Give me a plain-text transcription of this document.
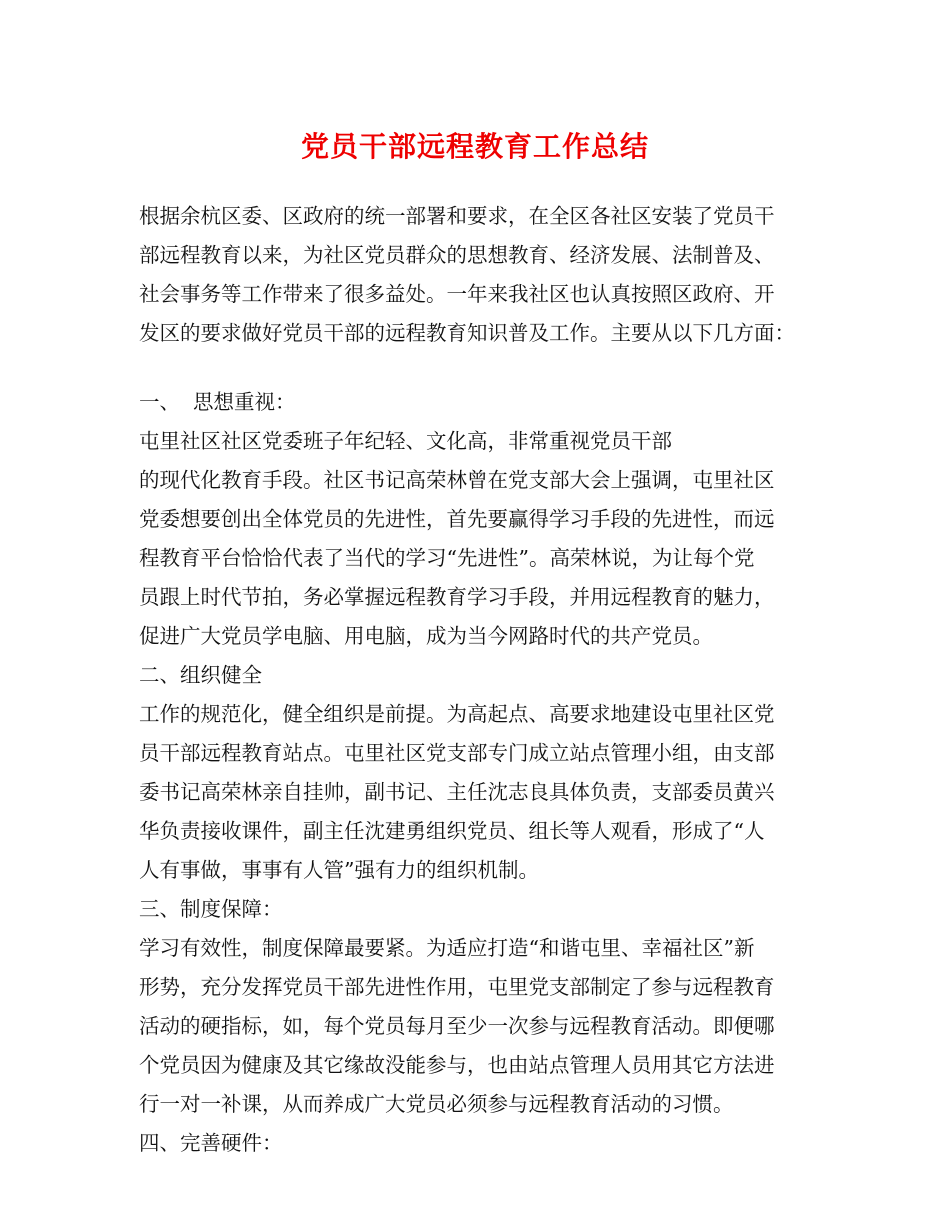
党员干部远程教育工作总结
根据余杭区委、区政府的统一部署和要求，在全区各社区安装了党员干
部远程教育以来，为社区党员群众的思想教育、经济发展、法制普及、
社会事务等工作带来了很多益处。一年来我社区也认真按照区政府、开
发区的要求做好党员干部的远程教育知识普及工作。主要从以下几方面：
一、  思想重视：
屯里社区社区党委班子年纪轻、文化高，非常重视党员干部
的现代化教育手段。社区书记高荣林曾在党支部大会上强调，屯里社区
党委想要创出全体党员的先进性，首先要赢得学习手段的先进性，而远
程教育平台恰恰代表了当代的学习“先进性”。高荣林说，为让每个党
员跟上时代节拍，务必掌握远程教育学习手段，并用远程教育的魅力，
促进广大党员学电脑、用电脑，成为当今网路时代的共产党员。
二、组织健全
工作的规范化，健全组织是前提。为高起点、高要求地建设屯里社区党
员干部远程教育站点。屯里社区党支部专门成立站点管理小组，由支部
委书记高荣林亲自挂帅，副书记、主任沈志良具体负责，支部委员黄兴
华负责接收课件，副主任沈建勇组织党员、组长等人观看，形成了“人
人有事做，事事有人管”强有力的组织机制。
三、制度保障：
学习有效性，制度保障最要紧。为适应打造“和谐屯里、幸福社区”新
形势，充分发挥党员干部先进性作用，屯里党支部制定了参与远程教育
活动的硬指标，如，每个党员每月至少一次参与远程教育活动。即便哪
个党员因为健康及其它缘故没能参与，也由站点管理人员用其它方法进
行一对一补课，从而养成广大党员必须参与远程教育活动的习惯。
四、完善硬件：
